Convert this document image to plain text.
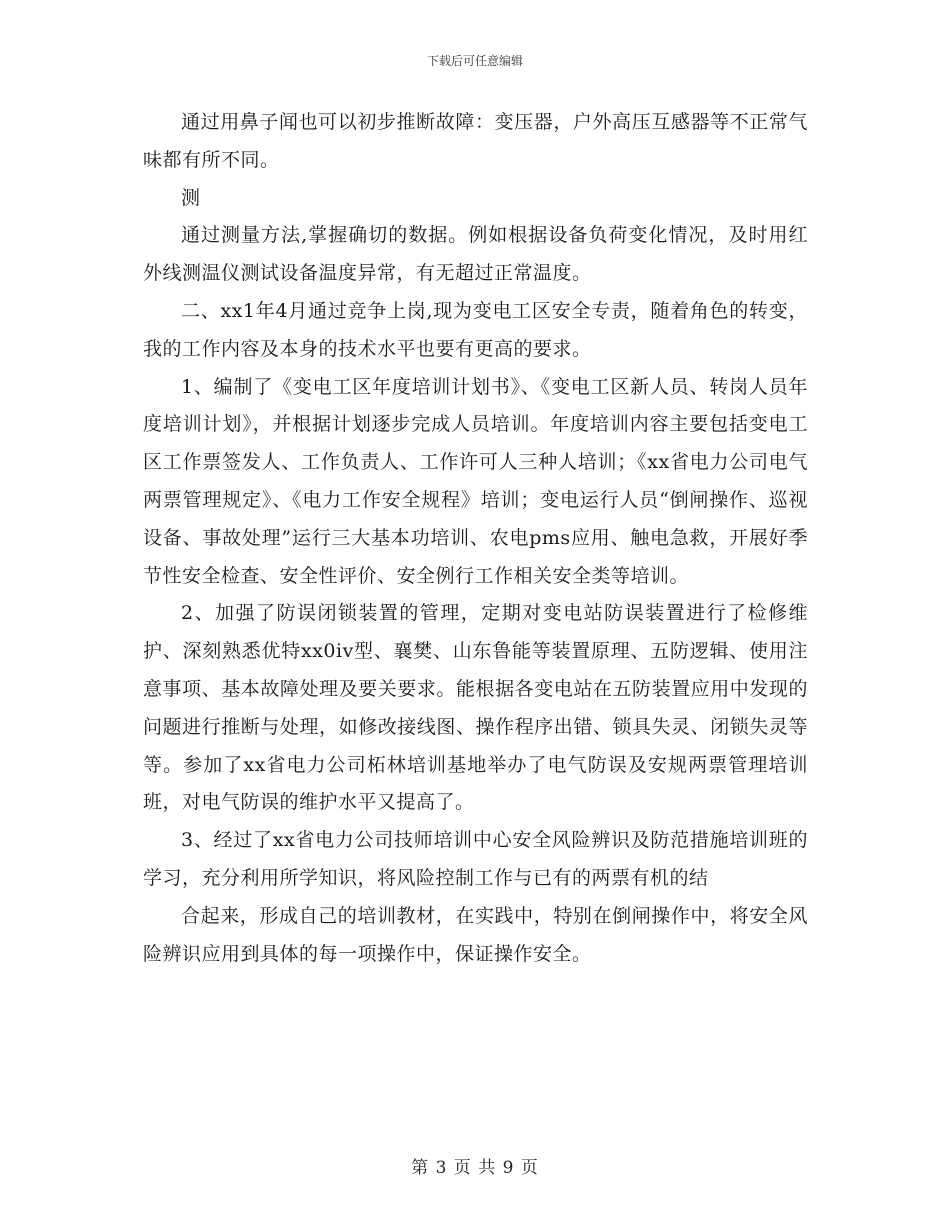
下载后可任意编辑

通过用鼻子闻也可以初步推断故障：变压器，户外高压互感器等不正常气味都有所不同。

测

通过测量方法,掌握确切的数据。例如根据设备负荷变化情况，及时用红外线测温仪测试设备温度异常，有无超过正常温度。

二、xx1年4月通过竞争上岗,现为变电工区安全专责，随着角色的转变，我的工作内容及本身的技术水平也要有更高的要求。

1、编制了《变电工区年度培训计划书》、《变电工区新人员、转岗人员年度培训计划》，并根据计划逐步完成人员培训。年度培训内容主要包括变电工区工作票签发人、工作负责人、工作许可人三种人培训；《xx省电力公司电气两票管理规定》、《电力工作安全规程》培训；变电运行人员“倒闸操作、巡视设备、事故处理”运行三大基本功培训、农电pms应用、触电急救，开展好季节性安全检查、安全性评价、安全例行工作相关安全类等培训。

2、加强了防误闭锁装置的管理，定期对变电站防误装置进行了检修维护、深刻熟悉优特xx0iv型、襄樊、山东鲁能等装置原理、五防逻辑、使用注意事项、基本故障处理及要关要求。能根据各变电站在五防装置应用中发现的问题进行推断与处理，如修改接线图、操作程序出错、锁具失灵、闭锁失灵等等。参加了xx省电力公司柘林培训基地举办了电气防误及安规两票管理培训班，对电气防误的维护水平又提高了。

3、经过了xx省电力公司技师培训中心安全风险辨识及防范措施培训班的学习，充分利用所学知识，将风险控制工作与已有的两票有机的结

合起来，形成自己的培训教材，在实践中，特别在倒闸操作中，将安全风险辨识应用到具体的每一项操作中，保证操作安全。

第 3 页 共 9 页
